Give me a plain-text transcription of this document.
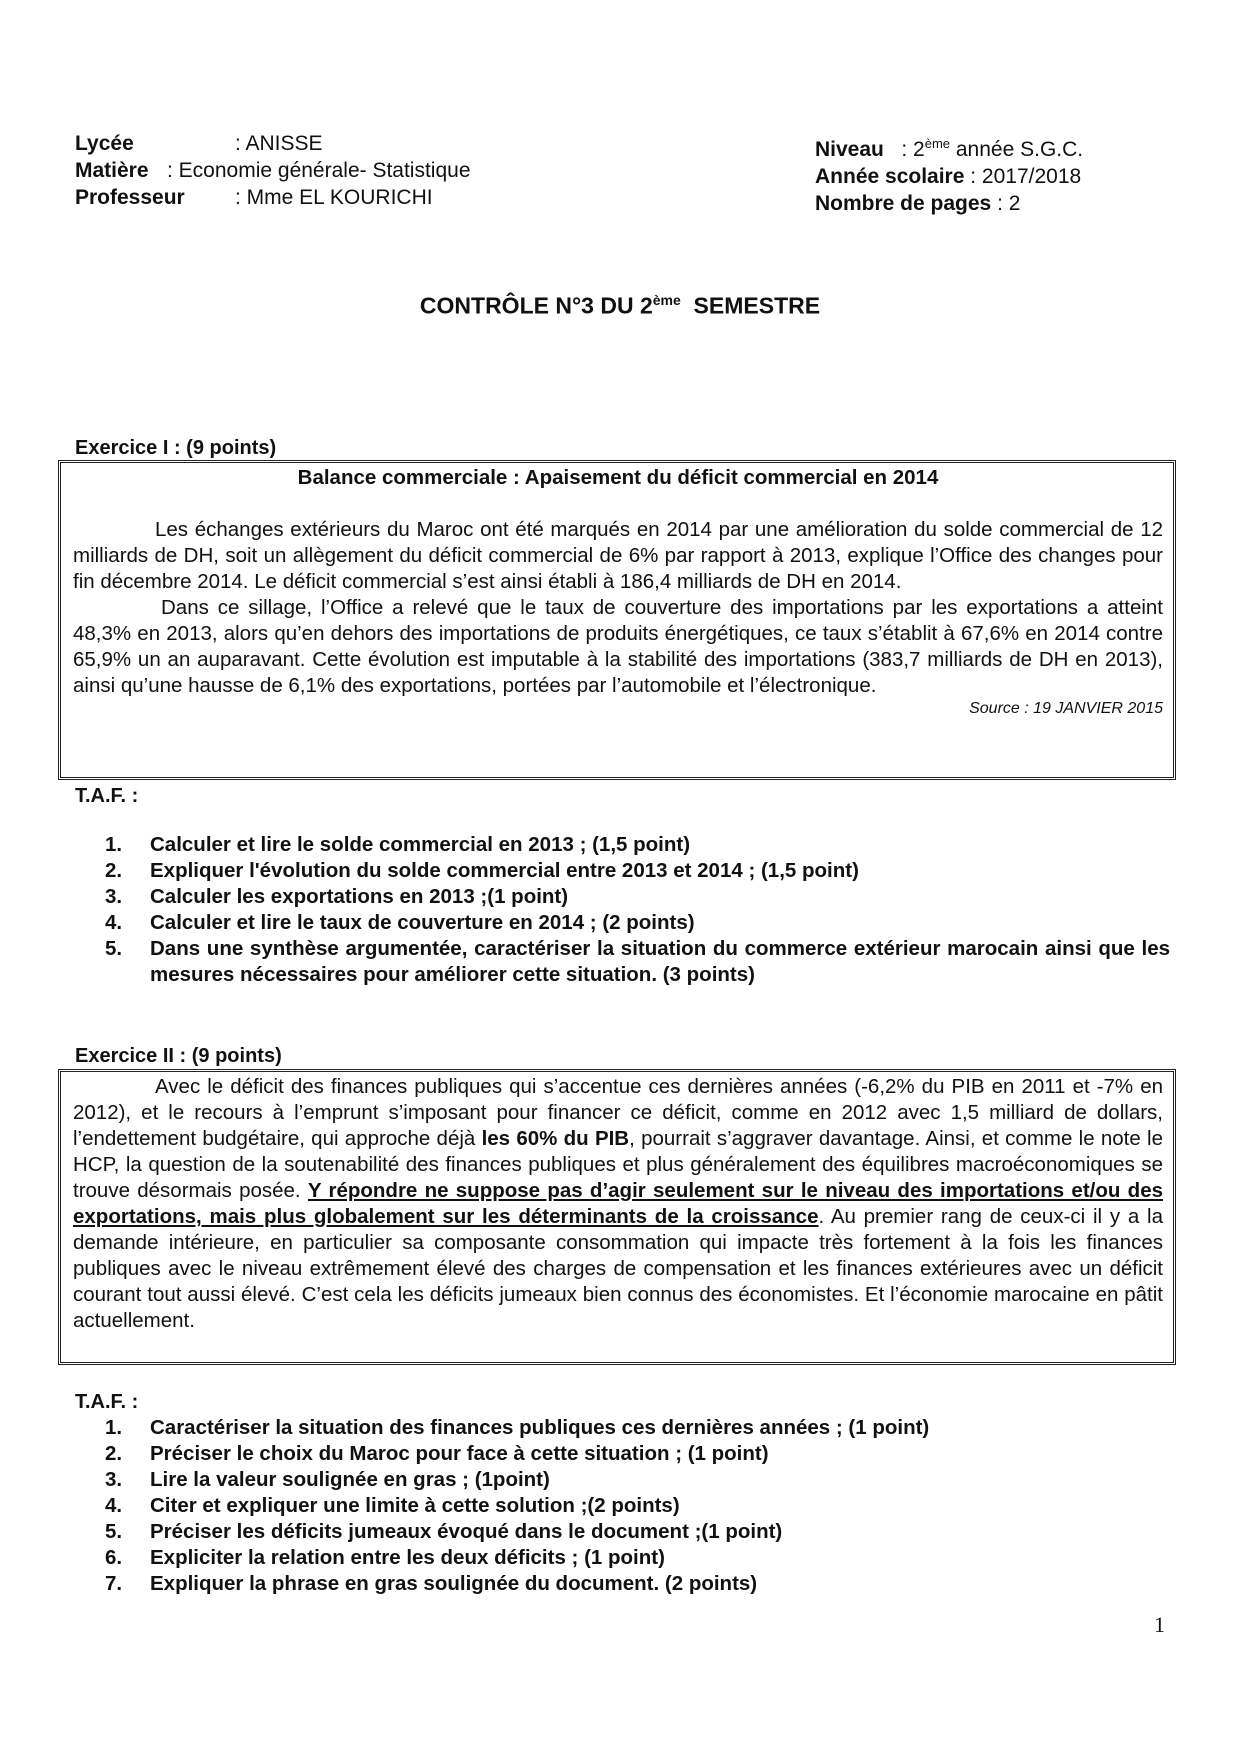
Lycée	: ANISSE
Matière : Economie générale- Statistique
Professeur : Mme EL KOURICHI
Niveau : 2ème année S.G.C.
Année scolaire : 2017/2018
Nombre de pages : 2
CONTRÔLE N°3 DU 2ème  SEMESTRE
Exercice I : (9 points)

Balance commerciale : Apaisement du déficit commercial en 2014

Les échanges extérieurs du Maroc ont été marqués en 2014 par une amélioration du solde commercial de 12 milliards de DH, soit un allègement du déficit commercial de 6% par rapport à 2013, explique l’Office des changes pour fin décembre 2014. Le déficit commercial s’est ainsi établi à 186,4 milliards de DH en 2014.

Dans ce sillage, l’Office a relevé que le taux de couverture des importations par les exportations a atteint 48,3% en 2013, alors qu’en dehors des importations de produits énergétiques, ce taux s’établit à 67,6% en 2014 contre 65,9% un an auparavant. Cette évolution est imputable à la stabilité des importations (383,7 milliards de DH en 2013), ainsi qu’une hausse de 6,1% des exportations, portées par l’automobile et l’électronique.

Source : 19 JANVIER 2015

T.A.F. :
1. Calculer et lire le solde commercial en 2013 ; (1,5 point)
2. Expliquer l'évolution du solde commercial entre 2013 et 2014 ; (1,5 point)
3. Calculer les exportations en 2013 ;(1 point)
4. Calculer et lire le taux de couverture en 2014 ; (2 points)
5. Dans une synthèse argumentée, caractériser la situation du commerce extérieur marocain ainsi que les mesures nécessaires pour améliorer cette situation. (3 points)
Exercice II : (9 points)

Avec le déficit des finances publiques qui s’accentue ces dernières années (-6,2% du PIB en 2011 et -7% en 2012), et le recours à l’emprunt s’imposant pour financer ce déficit, comme en 2012 avec 1,5 milliard de dollars, l’endettement budgétaire, qui approche déjà les 60% du PIB, pourrait s’aggraver davantage. Ainsi, et comme le note le HCP, la question de la soutenabilité des finances publiques et plus généralement des équilibres macroéconomiques se trouve désormais posée. Y répondre ne suppose pas d’agir seulement sur le niveau des importations et/ou des exportations, mais plus globalement sur les déterminants de la croissance. Au premier rang de ceux-ci il y a la demande intérieure, en particulier sa composante consommation qui impacte très fortement à la fois les finances publiques avec le niveau extrêmement élevé des charges de compensation et les finances extérieures avec un déficit courant tout aussi élevé. C’est cela les déficits jumeaux bien connus des économistes. Et l’économie marocaine en pâtit actuellement.

T.A.F. :
1. Caractériser la situation des finances publiques ces dernières années ; (1 point)
2. Préciser le choix du Maroc pour face à cette situation ; (1 point)
3. Lire la valeur soulignée en gras ; (1point)
4. Citer et expliquer une limite à cette solution ;(2 points)
5. Préciser les déficits jumeaux évoqué dans le document ;(1 point)
6. Expliciter la relation entre les deux déficits ; (1 point)
7. Expliquer la phrase en gras soulignée du document. (2 points)
1
